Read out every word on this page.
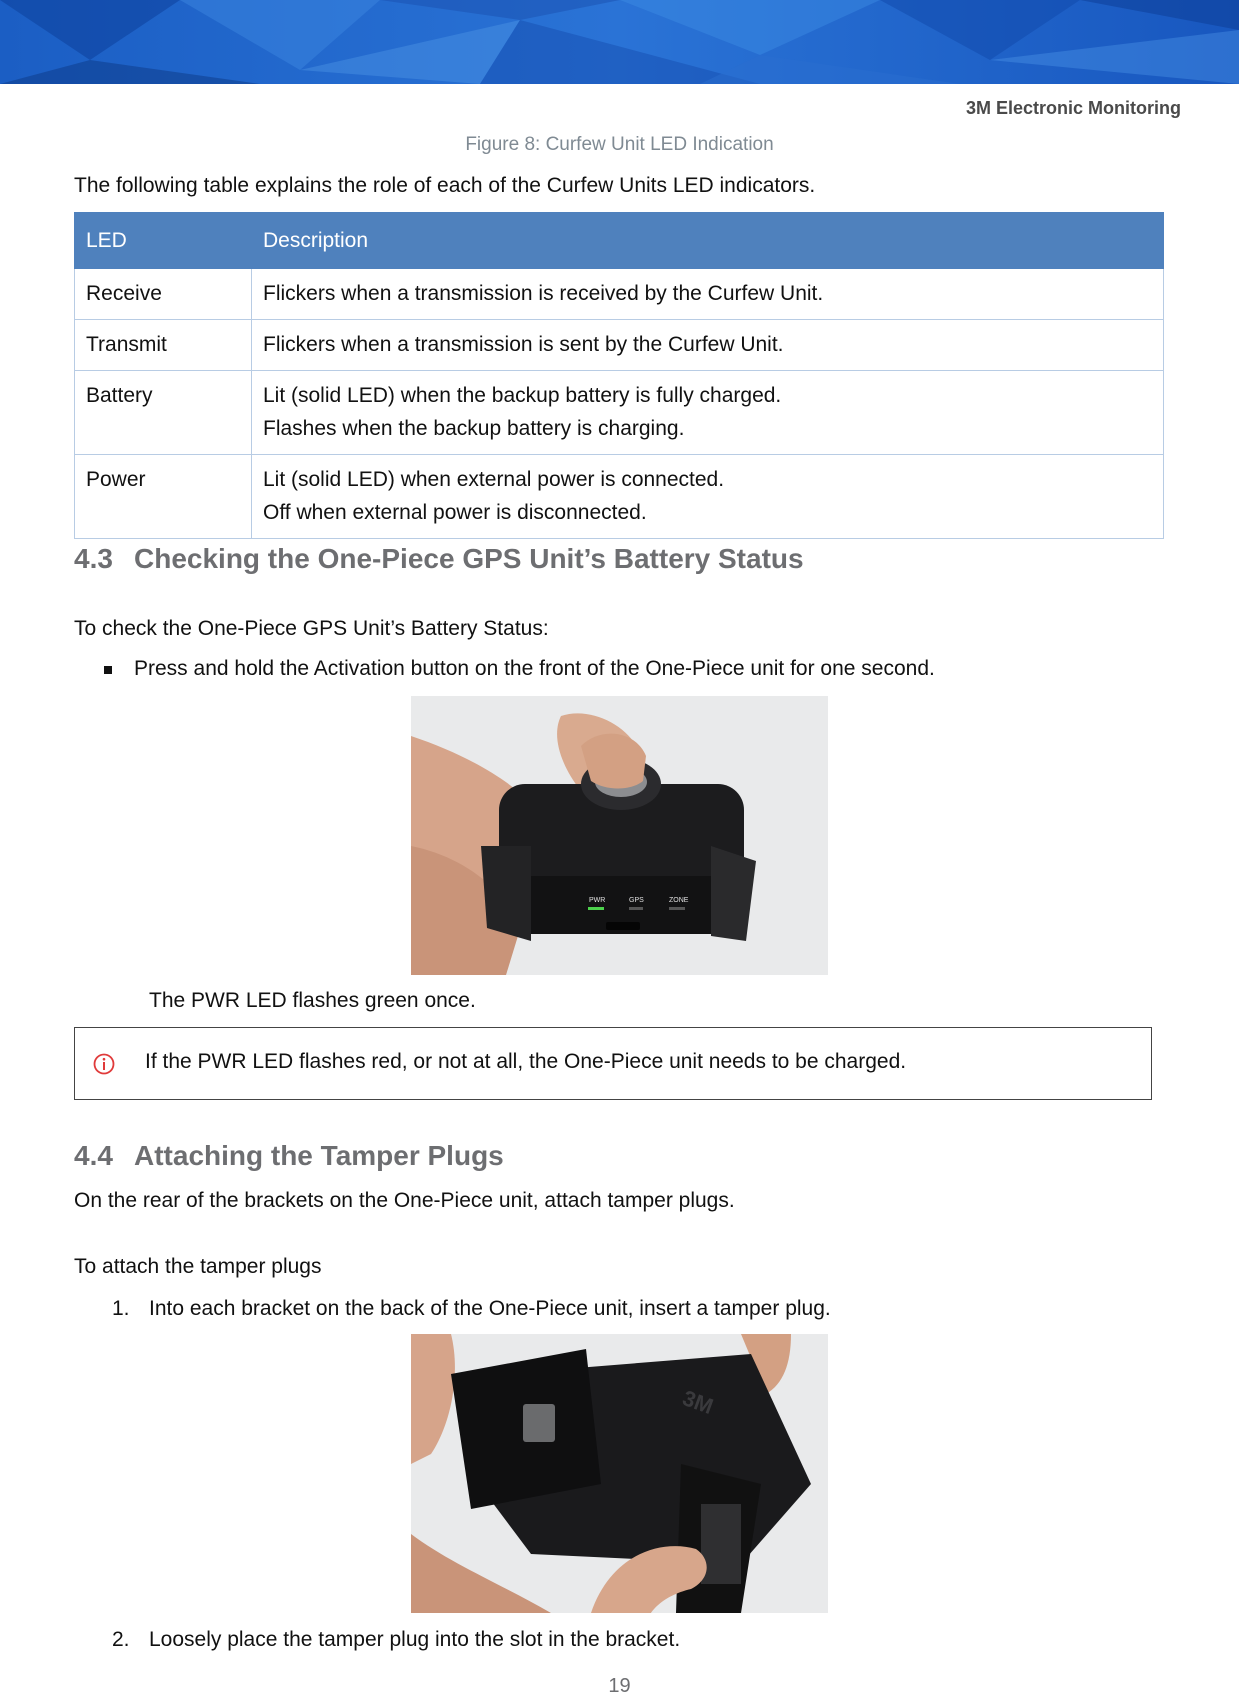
3M Electronic Monitoring
Figure 8: Curfew Unit LED Indication
The following table explains the role of each of the Curfew Units LED indicators.
LED	Description
Receive	Flickers when a transmission is received by the Curfew Unit.

Transmit	Flickers when a transmission is sent by the Curfew Unit.

Battery	Lit (solid LED) when the backup battery is fully charged.
Flashes when the backup battery is charging.

Power	Lit (solid LED) when external power is connected.
Off when external power is disconnected.
4.3 Checking the One-Piece GPS Unit’s Battery Status
To check the One-Piece GPS Unit’s Battery Status:
Press and hold the Activation button on the front of the One-Piece unit for one second.
PWR	GPS	ZONE
The PWR LED flashes green once.
If the PWR LED flashes red, or not at all, the One-Piece unit needs to be charged.
4.4 Attaching the Tamper Plugs
On the rear of the brackets on the One-Piece unit, attach tamper plugs.
To attach the tamper plugs
1. Into each bracket on the back of the One-Piece unit, insert a tamper plug.
3M
2. Loosely place the tamper plug into the slot in the bracket.
19
